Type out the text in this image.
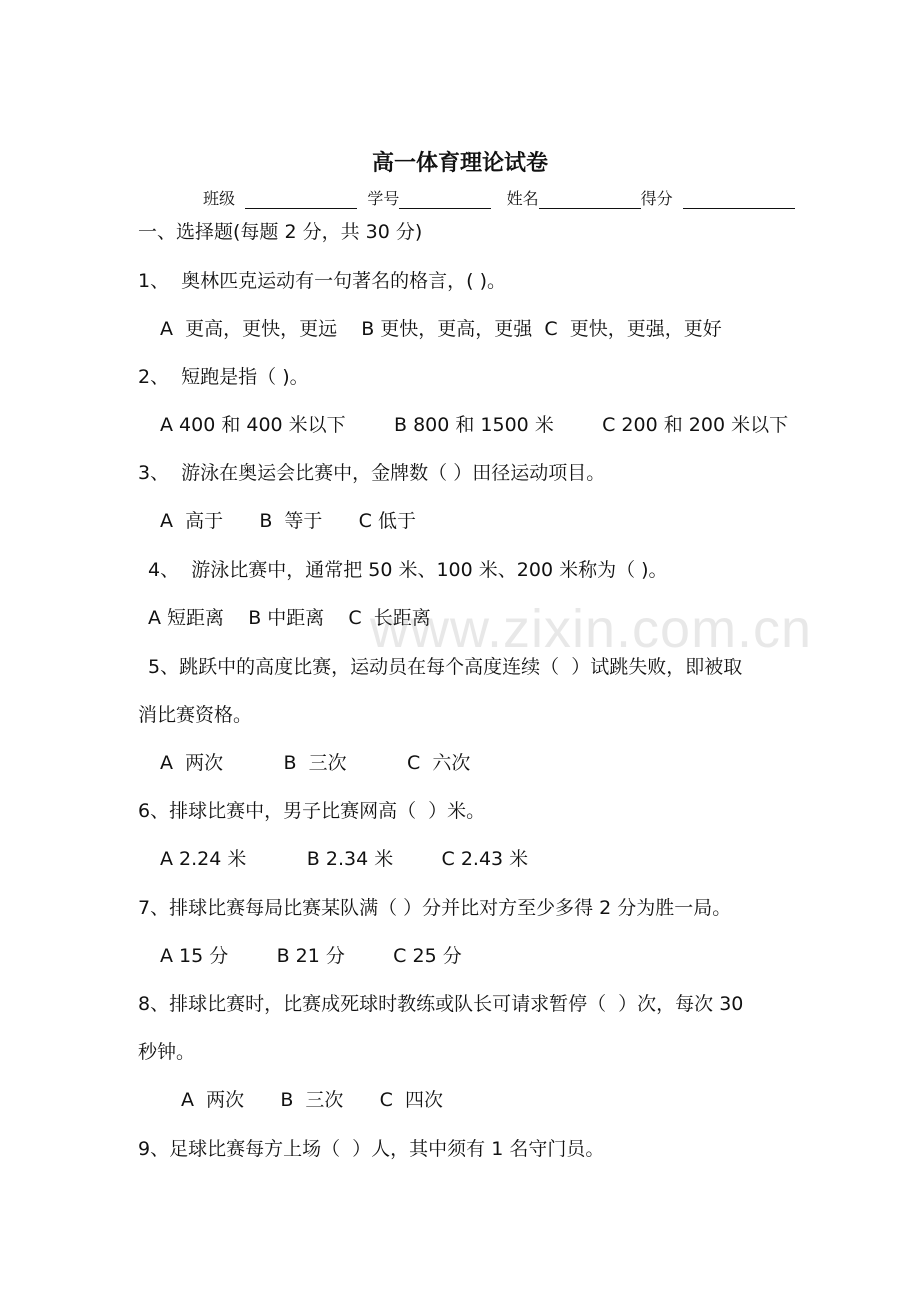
高一体育理论试卷
班级	学号	姓名	得分
一、选择题(每题 2 分，共 30 分)
1、  奥林匹克运动有一句著名的格言，( )。
A  更高，更快，更远    B 更快，更高，更强  C  更快，更强，更好
2、  短跑是指（ )。
A 400 和 400 米以下        B 800 和 1500 米        C 200 和 200 米以下
3、  游泳在奥运会比赛中，金牌数（ ）田径运动项目。
A  高于      B  等于      C 低于
4、  游泳比赛中，通常把 50 米、100 米、200 米称为（ )。
A 短距离    B 中距离    C  长距离
5、跳跃中的高度比赛，运动员在每个高度连续（  ）试跳失败，即被取
消比赛资格。
A  两次          B  三次          C  六次
6、排球比赛中，男子比赛网高（  ）米。
A 2.24 米          B 2.34 米        C 2.43 米
7、排球比赛每局比赛某队满（ ）分并比对方至少多得 2 分为胜一局。
A 15 分        B 21 分        C 25 分
8、排球比赛时，比赛成死球时教练或队长可请求暂停（  ）次，每次 30
秒钟。
A  两次      B  三次      C  四次
9、足球比赛每方上场（  ）人，其中须有 1 名守门员。
www.zixin.com.cn
